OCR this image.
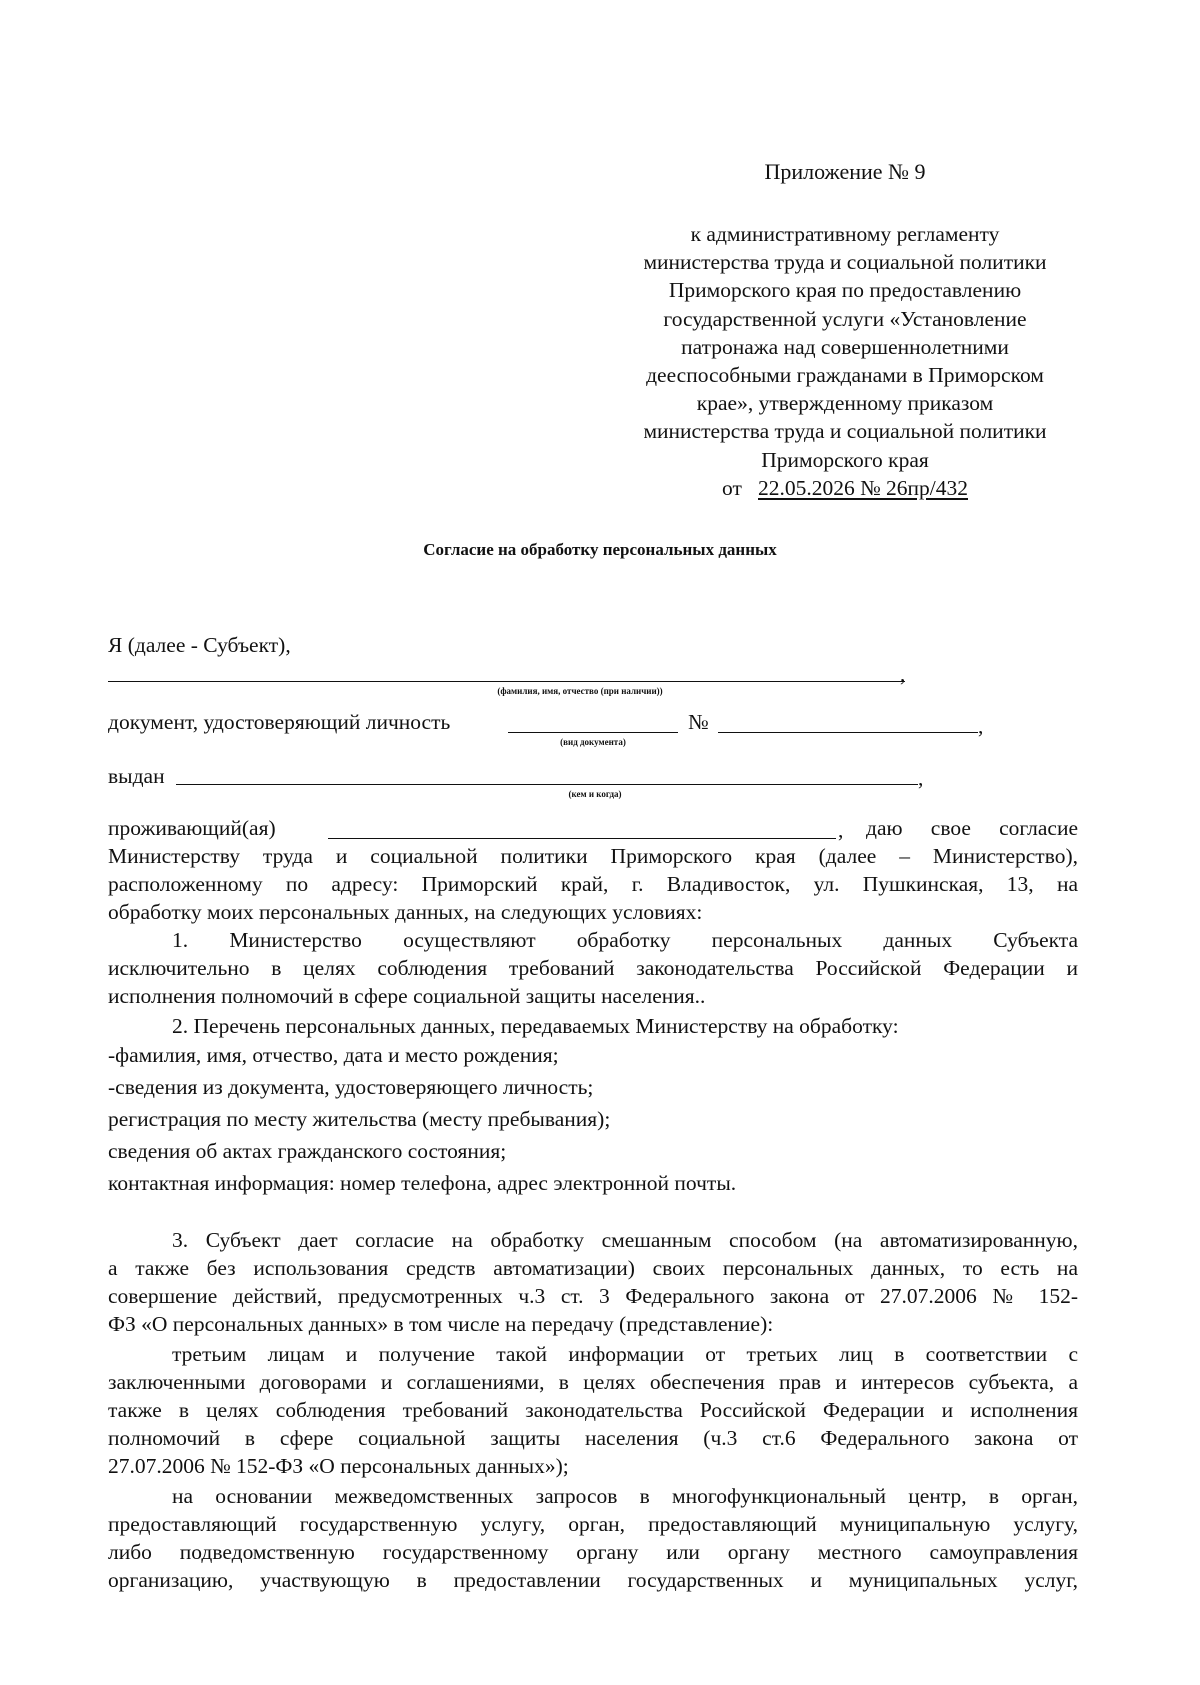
Приложение № 9
к административному регламенту
министерства труда и социальной политики
Приморского края по предоставлению
государственной услуги «Установление
патронажа над совершеннолетними
дееспособными гражданами в Приморском
крае», утвержденному приказом
министерства труда и социальной политики
Приморского края
от 22.05.2026 № 26пр/432
Согласие на обработку персональных данных
Я (далее - Субъект),
,
(фамилия, имя, отчество (при наличии))
документ, удостоверяющий личность	№	,
(вид документа)
выдан	,
(кем и когда)
проживающий(ая)	, даю свое согласие
Министерству труда и социальной политики Приморского края (далее – Министерство),
расположенному по адресу: Приморский край, г. Владивосток, ул. Пушкинская, 13, на
обработку моих персональных данных, на следующих условиях:
1. Министерство осуществляют обработку персональных данных Субъекта
исключительно в целях соблюдения требований законодательства Российской Федерации и
исполнения полномочий в сфере социальной защиты населения..
2. Перечень персональных данных, передаваемых Министерству на обработку:
-фамилия, имя, отчество, дата и место рождения;
-сведения из документа, удостоверяющего личность;
регистрация по месту жительства (месту пребывания);
сведения об актах гражданского состояния;
контактная информация: номер телефона, адрес электронной почты.
3. Субъект дает согласие на обработку смешанным способом (на автоматизированную,
а также без использования средств автоматизации) своих персональных данных, то есть на
совершение действий, предусмотренных ч.3 ст. 3 Федерального закона от 27.07.2006 № 152-
ФЗ «О персональных данных» в том числе на передачу (представление):
третьим лицам и получение такой информации от третьих лиц в соответствии с
заключенными договорами и соглашениями, в целях обеспечения прав и интересов субъекта, а
также в целях соблюдения требований законодательства Российской Федерации и исполнения
полномочий в сфере социальной защиты населения (ч.3 ст.6 Федерального закона от
27.07.2006 № 152-ФЗ «О персональных данных»);
на основании межведомственных запросов в многофункциональный центр, в орган,
предоставляющий государственную услугу, орган, предоставляющий муниципальную услугу,
либо подведомственную государственному органу или органу местного самоуправления
организацию, участвующую в предоставлении государственных и муниципальных услуг,
